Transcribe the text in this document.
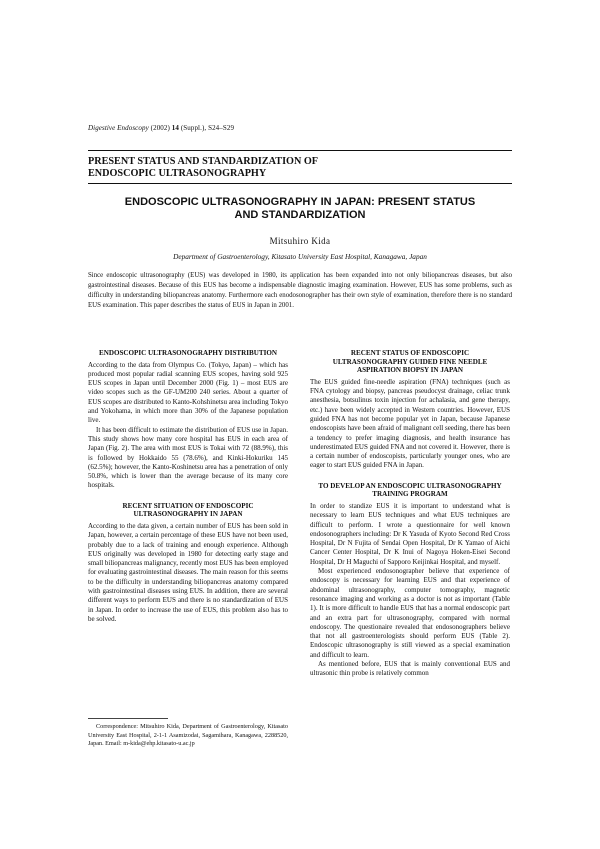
Digestive Endoscopy (2002) 14 (Suppl.), S24–S29
PRESENT STATUS AND STANDARDIZATION OF
ENDOSCOPIC ULTRASONOGRAPHY
ENDOSCOPIC ULTRASONOGRAPHY IN JAPAN: PRESENT STATUS
AND STANDARDIZATION
Mitsuhiro Kida
Department of Gastroenterology, Kitasato University East Hospital, Kanagawa, Japan

Since endoscopic ultrasonography (EUS) was developed in 1980, its application has been expanded into not only biliopancreas diseases, but also gastrointestinal diseases. Because of this EUS has become a indispensable diagnostic imaging examination. However, EUS has some problems, such as difficulty in understanding biliopancreas anatomy. Furthermore each enodosonographer has their own style of examination, therefore there is no standard EUS examination. This paper describes the status of EUS in Japan in 2001.

ENDOSCOPIC ULTRASONOGRAPHY DISTRIBUTION

According to the data from Olympus Co. (Tokyo, Japan) – which has produced most popular radial scanning EUS scopes, having sold 925 EUS scopes in Japan until December 2000 (Fig. 1) – most EUS are video scopes such as the GF-UM200 240 series. About a quarter of EUS scopes are distributed to Kanto-Kohshinetsu area including Tokyo and Yokohama, in which more than 30% of the Japanese population live.

It has been difficult to estimate the distribution of EUS use in Japan. This study shows how many core hospital has EUS in each area of Japan (Fig. 2). The area with most EUS is Tokai with 72 (88.9%), this is followed by Hokkaido 55 (78.6%), and Kinki-Hokuriku 145 (62.5%); however, the Kanto-Koshinetsu area has a penetration of only 50.8%, which is lower than the average because of its many core hospitals.

RECENT SITUATION OF ENDOSCOPIC ULTRASONOGRAPHY IN JAPAN

According to the data given, a certain number of EUS has been sold in Japan, however, a certain percentage of these EUS have not been used, probably due to a lack of training and enough experience. Although EUS originally was developed in 1980 for detecting early stage and small biliopancreas malignancy, recently most EUS has been employed for evaluating gastrointestinal diseases. The main reason for this seems to be the difficulty in understanding biliopancreas anatomy compared with gastrointestinal diseases using EUS. In addition, there are several different ways to perform EUS and there is no standardization of EUS in Japan. In order to increase the use of EUS, this problem also has to be solved.

RECENT STATUS OF ENDOSCOPIC ULTRASONOGRAPHY GUIDED FINE NEEDLE ASPIRATION BIOPSY IN JAPAN

The EUS guided fine-needle aspiration (FNA) techniques (such as FNA cytology and biopsy, pancreas pseudocyst drainage, celiac trunk anesthesia, botsulinus toxin injection for achalasia, and gene therapy, etc.) have been widely accepted in Western countries. However, EUS guided FNA has not become popular yet in Japan, because Japanese endoscopists have been afraid of malignant cell seeding, there has been a tendency to prefer imaging diagnosis, and health insurance has underestimated EUS guided FNA and not covered it. However, there is a certain number of endoscopists, particularly younger ones, who are eager to start EUS guided FNA in Japan.

TO DEVELOP AN ENDOSCOPIC ULTRASONOGRAPHY TRAINING PROGRAM

In order to standize EUS it is important to understand what is necessary to learn EUS techniques and what EUS techniques are difficult to perform. I wrote a questionnaire for well known endosonographers including: Dr K Yasuda of Kyoto Second Red Cross Hospital, Dr N Fujita of Sendai Open Hospital, Dr K Yamao of Aichi Cancer Center Hospital, Dr K Inui of Nagoya Hoken-Eisei Second Hospital, Dr H Maguchi of Sapporo Keijinkai Hospital, and myself.

Most experienced endosonographer believe that experience of endoscopy is necessary for learning EUS and that experience of abdominal ultrasonography, computer tomography, magnetic resonance imaging and working as a doctor is not as important (Table 1). It is more difficult to handle EUS that has a normal endoscopic part and an extra part for ultrasonography, compared with normal endoscopy. The questionaire revealed that endosonographers believe that not all gastroenterologists should perform EUS (Table 2). Endoscopic ultrasonography is still viewed as a special examination and difficult to learn.

As mentioned before, EUS that is mainly conventional EUS and ultrasonic thin probe is relatively common

Correspondence: Mitsuhiro Kida, Department of Gastroenterology, Kitasato University East Hospital, 2-1-1 Asamizodai, Sagamihara, Kanagawa, 2288520, Japan. Email: m-kida@ehp.kitasato-u.ac.jp
